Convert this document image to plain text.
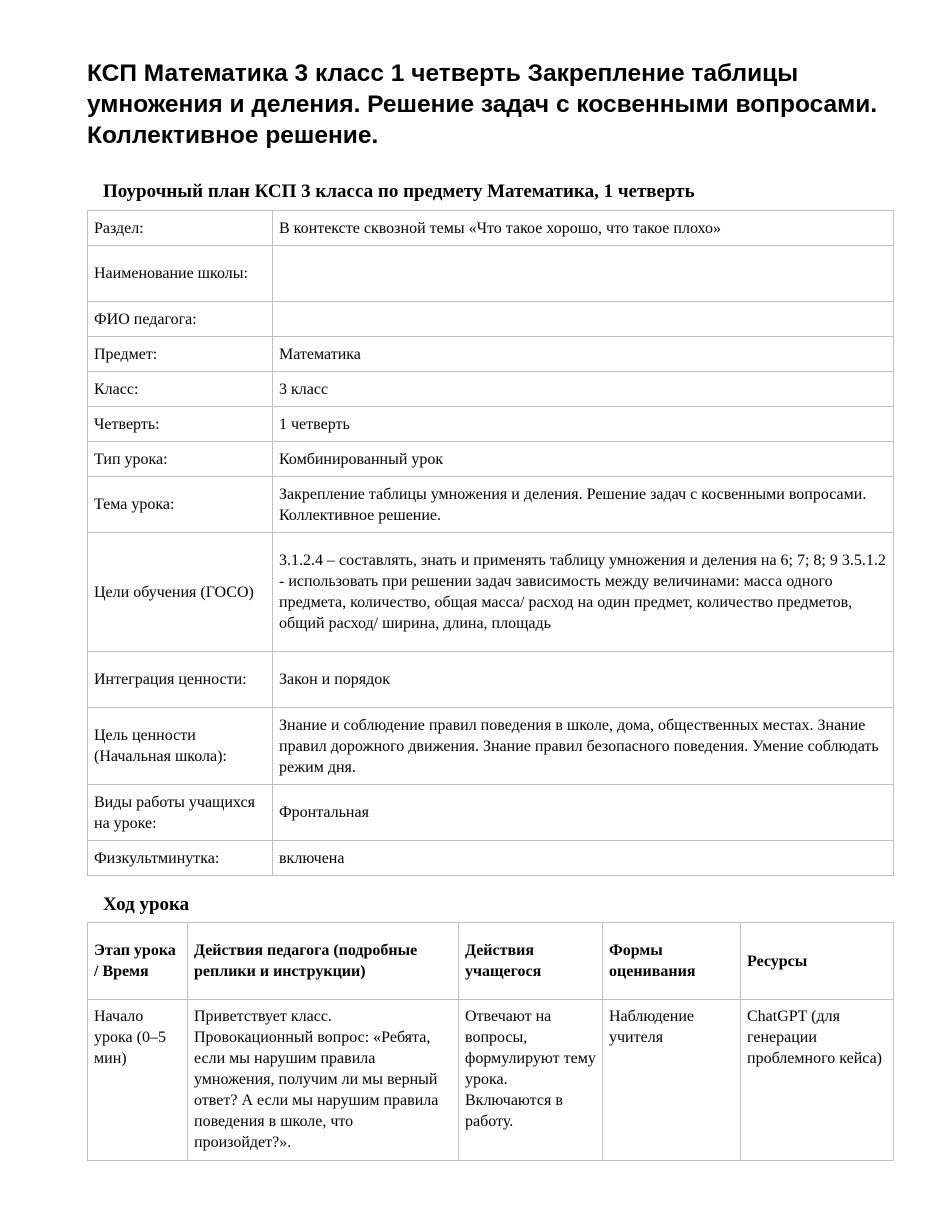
КСП Математика 3 класс 1 четверть Закрепление таблицы умножения и деления. Решение задач с косвенными вопросами. Коллективное решение.
Поурочный план КСП 3 класса по предмету Математика, 1 четверть
Раздел:	В контексте сквозной темы «Что такое хорошо, что такое плохо»
Наименование школы:	
ФИО педагога:	
Предмет:	Математика
Класс:	3 класс
Четверть:	1 четверть
Тип урока:	Комбинированный урок
Тема урока:	Закрепление таблицы умножения и деления. Решение задач с косвенными вопросами. Коллективное решение.
Цели обучения (ГОСО)	3.1.2.4 – составлять, знать и применять таблицу умножения и деления на 6; 7; 8; 9 3.5.1.2 - использовать при решении задач зависимость между величинами: масса одного предмета, количество, общая масса/ расход на один предмет, количество предметов, общий расход/ ширина, длина, площадь
Интеграция ценности:	Закон и порядок
Цель ценности (Начальная школа):	Знание и соблюдение правил поведения в школе, дома, общественных местах. Знание правил дорожного движения. Знание правил безопасного поведения. Умение соблюдать режим дня.
Виды работы учащихся на уроке:	Фронтальная
Физкультминутка:	включена
Ход урока
Этап урока / Время	Действия педагога (подробные реплики и инструкции)	Действия учащегося	Формы оценивания	Ресурсы
Начало урока (0–5 мин)	Приветствует класс. Провокационный вопрос: «Ребята, если мы нарушим правила умножения, получим ли мы верный ответ? А если мы нарушим правила поведения в школе, что произойдет?».	Отвечают на вопросы, формулируют тему урока. Включаются в работу.	Наблюдение учителя	ChatGPT (для генерации проблемного кейса)
